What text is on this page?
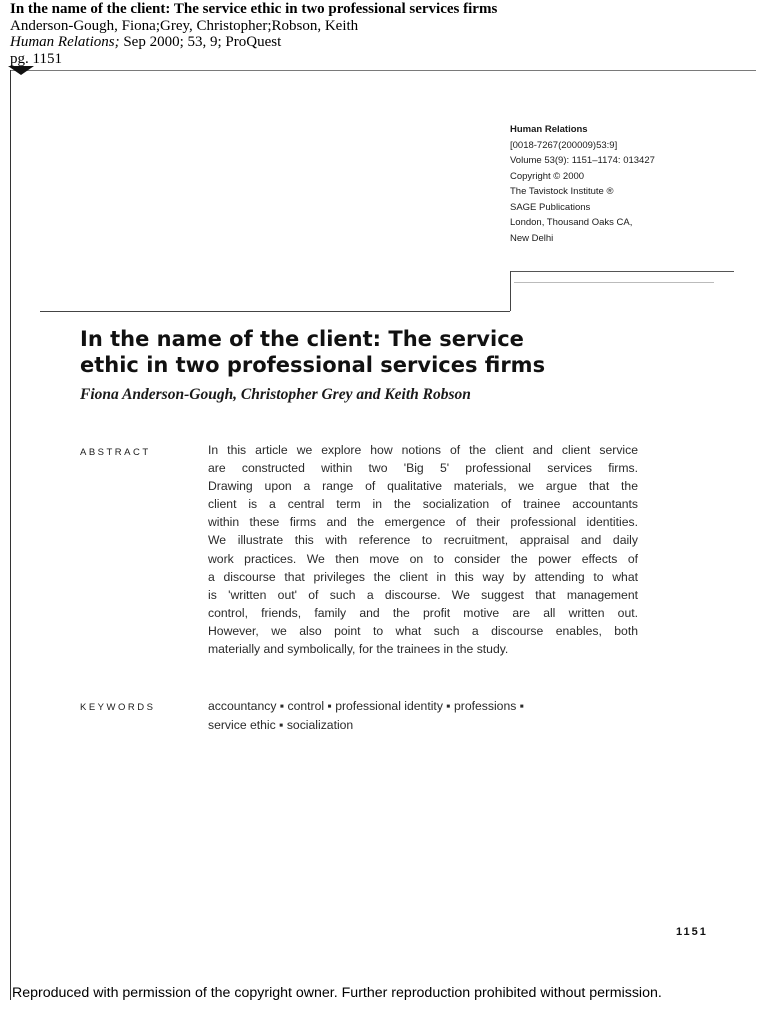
In the name of the client: The service ethic in two professional services firms
Anderson-Gough, Fiona;Grey, Christopher;Robson, Keith
Human Relations; Sep 2000; 53, 9; ProQuest
pg. 1151
Human Relations
[0018-7267(200009)53:9]
Volume 53(9): 1151–1174: 013427
Copyright © 2000
The Tavistock Institute ®
SAGE Publications
London, Thousand Oaks CA,
New Delhi
In the name of the client: The service
ethic in two professional services firms
Fiona Anderson-Gough, Christopher Grey and Keith Robson
ABSTRACT	In this article we explore how notions of the client and client service
are constructed within two 'Big 5' professional services firms.
Drawing upon a range of qualitative materials, we argue that the
client is a central term in the socialization of trainee accountants
within these firms and the emergence of their professional identities.
We illustrate this with reference to recruitment, appraisal and daily
work practices. We then move on to consider the power effects of
a discourse that privileges the client in this way by attending to what
is 'written out' of such a discourse. We suggest that management
control, friends, family and the profit motive are all written out.
However, we also point to what such a discourse enables, both
materially and symbolically, for the trainees in the study.

KEYWORDS	accountancy ▪ control ▪ professional identity ▪ professions ▪
service ethic ▪ socialization

1151
Reproduced with permission of the copyright owner. Further reproduction prohibited without permission.
